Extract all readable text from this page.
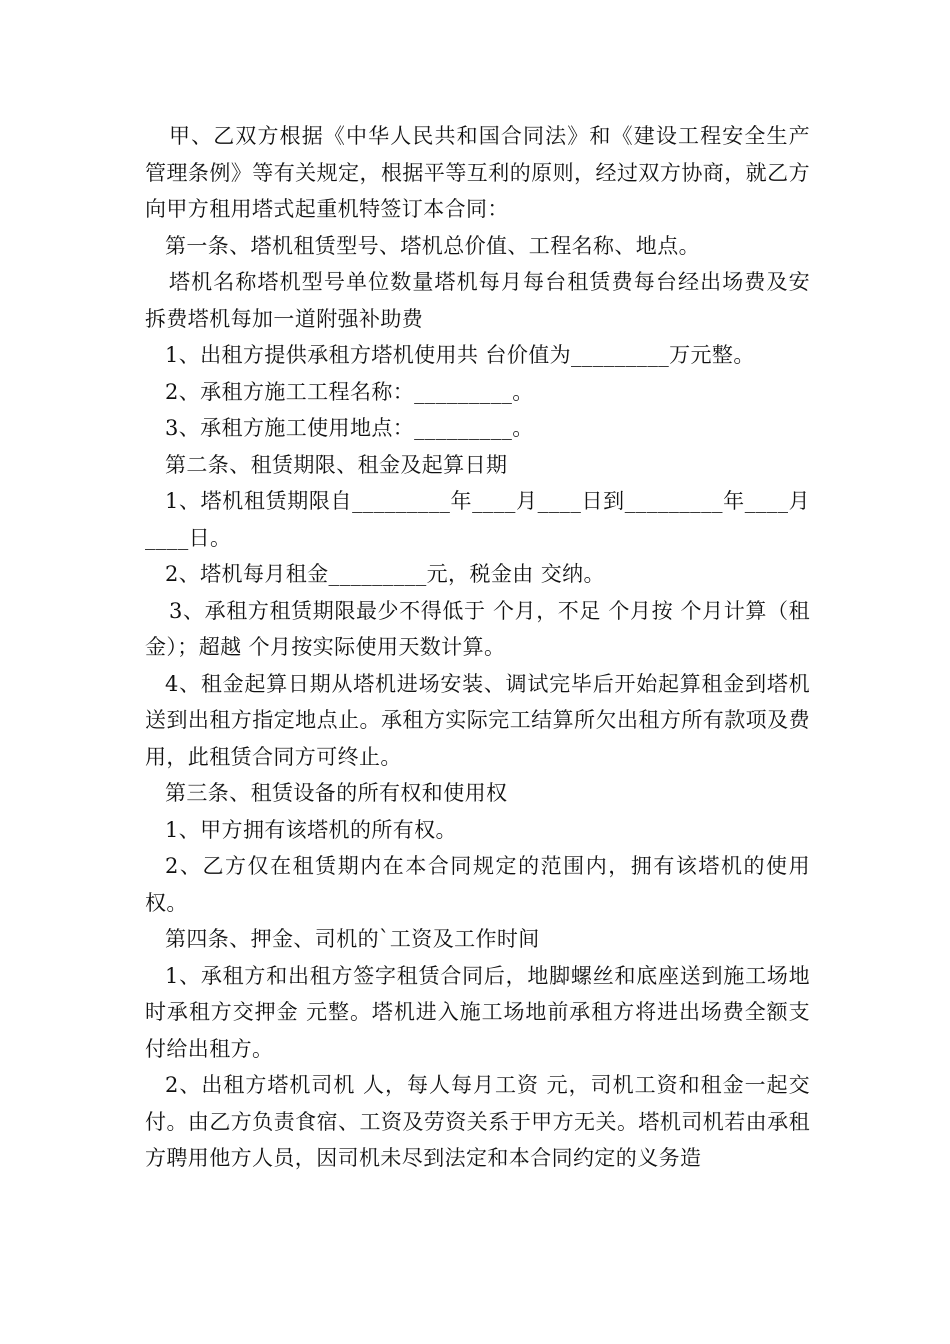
甲、乙双方根据《中华人民共和国合同法》和《建设工程安全生产管理条例》等有关规定，根据平等互利的原则，经过双方协商，就乙方向甲方租用塔式起重机特签订本合同：

第一条、塔机租赁型号、塔机总价值、工程名称、地点。

塔机名称塔机型号单位数量塔机每月每台租赁费每台经出场费及安拆费塔机每加一道附强补助费

1、出租方提供承租方塔机使用共 台价值为_________万元整。

2、承租方施工工程名称：_________。

3、承租方施工使用地点：_________。

第二条、租赁期限、租金及起算日期

1、塔机租赁期限自_________年____月____日到_________年____月____日。

2、塔机每月租金_________元，税金由 交纳。

3、承租方租赁期限最少不得低于 个月，不足 个月按 个月计算（租金）；超越 个月按实际使用天数计算。

4、租金起算日期从塔机进场安装、调试完毕后开始起算租金到塔机送到出租方指定地点止。承租方实际完工结算所欠出租方所有款项及费用，此租赁合同方可终止。

第三条、租赁设备的所有权和使用权

1、甲方拥有该塔机的所有权。

2、乙方仅在租赁期内在本合同规定的范围内，拥有该塔机的使用权。

第四条、押金、司机的`工资及工作时间

1、承租方和出租方签字租赁合同后，地脚螺丝和底座送到施工场地时承租方交押金 元整。塔机进入施工场地前承租方将进出场费全额支付给出租方。

2、出租方塔机司机 人，每人每月工资 元，司机工资和租金一起交付。由乙方负责食宿、工资及劳资关系于甲方无关。塔机司机若由承租方聘用他方人员，因司机未尽到法定和本合同约定的义务造
